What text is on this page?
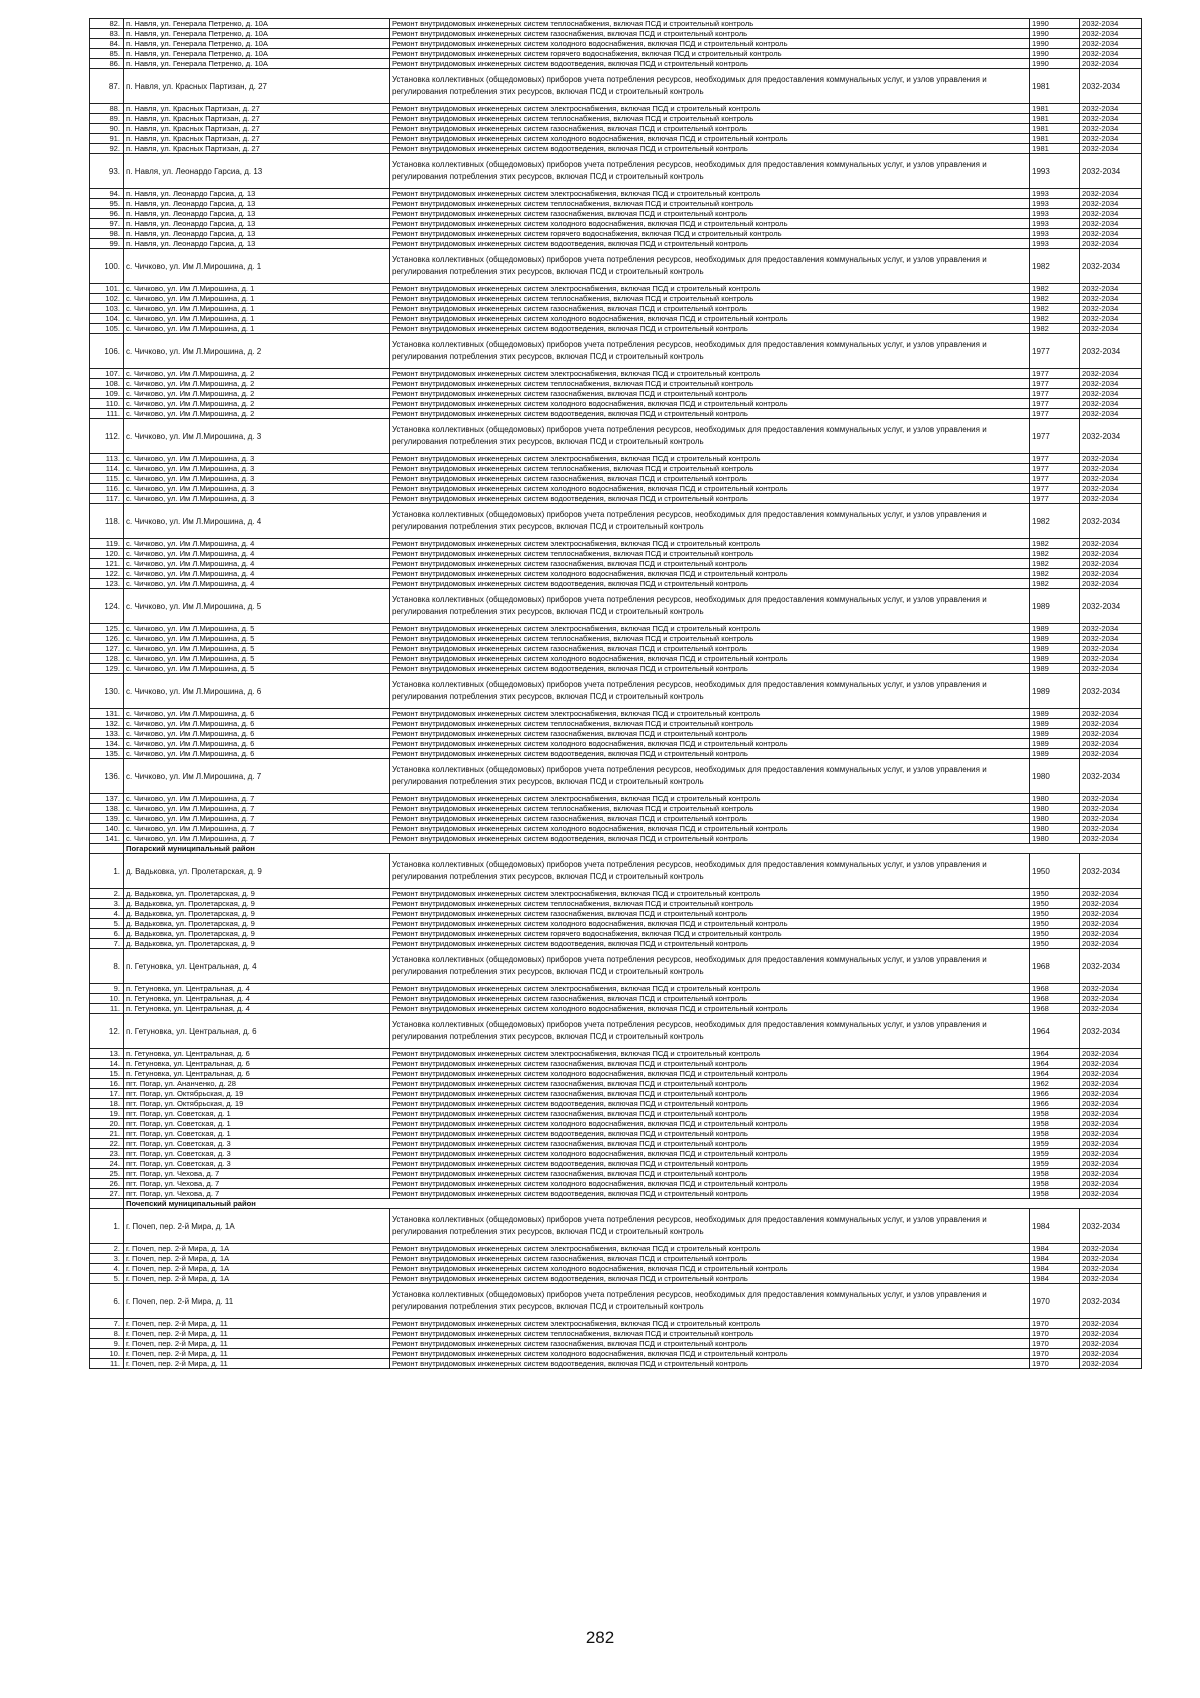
82.	п. Навля, ул. Генерала Петренко, д. 10А	Ремонт внутридомовых инженерных систем теплоснабжения, включая ПСД и строительный контроль	1990	2032-2034
83.	п. Навля, ул. Генерала Петренко, д. 10А	Ремонт внутридомовых инженерных систем газоснабжения, включая ПСД и строительный контроль	1990	2032-2034
84.	п. Навля, ул. Генерала Петренко, д. 10А	Ремонт внутридомовых инженерных систем холодного водоснабжения, включая ПСД и строительный контроль	1990	2032-2034
85.	п. Навля, ул. Генерала Петренко, д. 10А	Ремонт внутридомовых инженерных систем горячего водоснабжения, включая ПСД и строительный контроль	1990	2032-2034
86.	п. Навля, ул. Генерала Петренко, д. 10А	Ремонт внутридомовых инженерных систем водоотведения, включая ПСД и строительный контроль	1990	2032-2034
87.	п. Навля, ул. Красных Партизан, д. 27	Установка коллективных (общедомовых) приборов учета потребления ресурсов, необходимых для предоставления коммунальных услуг, и узлов управления и регулирования потребления этих ресурсов, включая ПСД и строительный контроль	1981	2032-2034
88.	п. Навля, ул. Красных Партизан, д. 27	Ремонт внутридомовых инженерных систем электроснабжения, включая ПСД и строительный контроль	1981	2032-2034
89.	п. Навля, ул. Красных Партизан, д. 27	Ремонт внутридомовых инженерных систем теплоснабжения, включая ПСД и строительный контроль	1981	2032-2034
90.	п. Навля, ул. Красных Партизан, д. 27	Ремонт внутридомовых инженерных систем газоснабжения, включая ПСД и строительный контроль	1981	2032-2034
91.	п. Навля, ул. Красных Партизан, д. 27	Ремонт внутридомовых инженерных систем холодного водоснабжения, включая ПСД и строительный контроль	1981	2032-2034
92.	п. Навля, ул. Красных Партизан, д. 27	Ремонт внутридомовых инженерных систем водоотведения, включая ПСД и строительный контроль	1981	2032-2034
93.	п. Навля, ул. Леонардо Гарсиа, д. 13	Установка коллективных (общедомовых) приборов учета потребления ресурсов, необходимых для предоставления коммунальных услуг, и узлов управления и регулирования потребления этих ресурсов, включая ПСД и строительный контроль	1993	2032-2034
94.	п. Навля, ул. Леонардо Гарсиа, д. 13	Ремонт внутридомовых инженерных систем электроснабжения, включая ПСД и строительный контроль	1993	2032-2034
95.	п. Навля, ул. Леонардо Гарсиа, д. 13	Ремонт внутридомовых инженерных систем теплоснабжения, включая ПСД и строительный контроль	1993	2032-2034
96.	п. Навля, ул. Леонардо Гарсиа, д. 13	Ремонт внутридомовых инженерных систем газоснабжения, включая ПСД и строительный контроль	1993	2032-2034
97.	п. Навля, ул. Леонардо Гарсиа, д. 13	Ремонт внутридомовых инженерных систем холодного водоснабжения, включая ПСД и строительный контроль	1993	2032-2034
98.	п. Навля, ул. Леонардо Гарсиа, д. 13	Ремонт внутридомовых инженерных систем горячего водоснабжения, включая ПСД и строительный контроль	1993	2032-2034
99.	п. Навля, ул. Леонардо Гарсиа, д. 13	Ремонт внутридомовых инженерных систем водоотведения, включая ПСД и строительный контроль	1993	2032-2034
100.	с. Чичково, ул. Им Л.Мирошина, д. 1	Установка коллективных (общедомовых) приборов учета потребления ресурсов, необходимых для предоставления коммунальных услуг, и узлов управления и регулирования потребления этих ресурсов, включая ПСД и строительный контроль	1982	2032-2034
101.	с. Чичково, ул. Им Л.Мирошина, д. 1	Ремонт внутридомовых инженерных систем электроснабжения, включая ПСД и строительный контроль	1982	2032-2034
102.	с. Чичково, ул. Им Л.Мирошина, д. 1	Ремонт внутридомовых инженерных систем теплоснабжения, включая ПСД и строительный контроль	1982	2032-2034
103.	с. Чичково, ул. Им Л.Мирошина, д. 1	Ремонт внутридомовых инженерных систем газоснабжения, включая ПСД и строительный контроль	1982	2032-2034
104.	с. Чичково, ул. Им Л.Мирошина, д. 1	Ремонт внутридомовых инженерных систем холодного водоснабжения, включая ПСД и строительный контроль	1982	2032-2034
105.	с. Чичково, ул. Им Л.Мирошина, д. 1	Ремонт внутридомовых инженерных систем водоотведения, включая ПСД и строительный контроль	1982	2032-2034
106.	с. Чичково, ул. Им Л.Мирошина, д. 2	Установка коллективных (общедомовых) приборов учета потребления ресурсов, необходимых для предоставления коммунальных услуг, и узлов управления и регулирования потребления этих ресурсов, включая ПСД и строительный контроль	1977	2032-2034
107.	с. Чичково, ул. Им Л.Мирошина, д. 2	Ремонт внутридомовых инженерных систем электроснабжения, включая ПСД и строительный контроль	1977	2032-2034
108.	с. Чичково, ул. Им Л.Мирошина, д. 2	Ремонт внутридомовых инженерных систем теплоснабжения, включая ПСД и строительный контроль	1977	2032-2034
109.	с. Чичково, ул. Им Л.Мирошина, д. 2	Ремонт внутридомовых инженерных систем газоснабжения, включая ПСД и строительный контроль	1977	2032-2034
110.	с. Чичково, ул. Им Л.Мирошина, д. 2	Ремонт внутридомовых инженерных систем холодного водоснабжения, включая ПСД и строительный контроль	1977	2032-2034
111.	с. Чичково, ул. Им Л.Мирошина, д. 2	Ремонт внутридомовых инженерных систем водоотведения, включая ПСД и строительный контроль	1977	2032-2034
112.	с. Чичково, ул. Им Л.Мирошина, д. 3	Установка коллективных (общедомовых) приборов учета потребления ресурсов, необходимых для предоставления коммунальных услуг, и узлов управления и регулирования потребления этих ресурсов, включая ПСД и строительный контроль	1977	2032-2034
113.	с. Чичково, ул. Им Л.Мирошина, д. 3	Ремонт внутридомовых инженерных систем электроснабжения, включая ПСД и строительный контроль	1977	2032-2034
114.	с. Чичково, ул. Им Л.Мирошина, д. 3	Ремонт внутридомовых инженерных систем теплоснабжения, включая ПСД и строительный контроль	1977	2032-2034
115.	с. Чичково, ул. Им Л.Мирошина, д. 3	Ремонт внутридомовых инженерных систем газоснабжения, включая ПСД и строительный контроль	1977	2032-2034
116.	с. Чичково, ул. Им Л.Мирошина, д. 3	Ремонт внутридомовых инженерных систем холодного водоснабжения, включая ПСД и строительный контроль	1977	2032-2034
117.	с. Чичково, ул. Им Л.Мирошина, д. 3	Ремонт внутридомовых инженерных систем водоотведения, включая ПСД и строительный контроль	1977	2032-2034
118.	с. Чичково, ул. Им Л.Мирошина, д. 4	Установка коллективных (общедомовых) приборов учета потребления ресурсов, необходимых для предоставления коммунальных услуг, и узлов управления и регулирования потребления этих ресурсов, включая ПСД и строительный контроль	1982	2032-2034
119.	с. Чичково, ул. Им Л.Мирошина, д. 4	Ремонт внутридомовых инженерных систем электроснабжения, включая ПСД и строительный контроль	1982	2032-2034
120.	с. Чичково, ул. Им Л.Мирошина, д. 4	Ремонт внутридомовых инженерных систем теплоснабжения, включая ПСД и строительный контроль	1982	2032-2034
121.	с. Чичково, ул. Им Л.Мирошина, д. 4	Ремонт внутридомовых инженерных систем газоснабжения, включая ПСД и строительный контроль	1982	2032-2034
122.	с. Чичково, ул. Им Л.Мирошина, д. 4	Ремонт внутридомовых инженерных систем холодного водоснабжения, включая ПСД и строительный контроль	1982	2032-2034
123.	с. Чичково, ул. Им Л.Мирошина, д. 4	Ремонт внутридомовых инженерных систем водоотведения, включая ПСД и строительный контроль	1982	2032-2034
124.	с. Чичково, ул. Им Л.Мирошина, д. 5	Установка коллективных (общедомовых) приборов учета потребления ресурсов, необходимых для предоставления коммунальных услуг, и узлов управления и регулирования потребления этих ресурсов, включая ПСД и строительный контроль	1989	2032-2034
125.	с. Чичково, ул. Им Л.Мирошина, д. 5	Ремонт внутридомовых инженерных систем электроснабжения, включая ПСД и строительный контроль	1989	2032-2034
126.	с. Чичково, ул. Им Л.Мирошина, д. 5	Ремонт внутридомовых инженерных систем теплоснабжения, включая ПСД и строительный контроль	1989	2032-2034
127.	с. Чичково, ул. Им Л.Мирошина, д. 5	Ремонт внутридомовых инженерных систем газоснабжения, включая ПСД и строительный контроль	1989	2032-2034
128.	с. Чичково, ул. Им Л.Мирошина, д. 5	Ремонт внутридомовых инженерных систем холодного водоснабжения, включая ПСД и строительный контроль	1989	2032-2034
129.	с. Чичково, ул. Им Л.Мирошина, д. 5	Ремонт внутридомовых инженерных систем водоотведения, включая ПСД и строительный контроль	1989	2032-2034
130.	с. Чичково, ул. Им Л.Мирошина, д. 6	Установка коллективных (общедомовых) приборов учета потребления ресурсов, необходимых для предоставления коммунальных услуг, и узлов управления и регулирования потребления этих ресурсов, включая ПСД и строительный контроль	1989	2032-2034
131.	с. Чичково, ул. Им Л.Мирошина, д. 6	Ремонт внутридомовых инженерных систем электроснабжения, включая ПСД и строительный контроль	1989	2032-2034
132.	с. Чичково, ул. Им Л.Мирошина, д. 6	Ремонт внутридомовых инженерных систем теплоснабжения, включая ПСД и строительный контроль	1989	2032-2034
133.	с. Чичково, ул. Им Л.Мирошина, д. 6	Ремонт внутридомовых инженерных систем газоснабжения, включая ПСД и строительный контроль	1989	2032-2034
134.	с. Чичково, ул. Им Л.Мирошина, д. 6	Ремонт внутридомовых инженерных систем холодного водоснабжения, включая ПСД и строительный контроль	1989	2032-2034
135.	с. Чичково, ул. Им Л.Мирошина, д. 6	Ремонт внутридомовых инженерных систем водоотведения, включая ПСД и строительный контроль	1989	2032-2034
136.	с. Чичково, ул. Им Л.Мирошина, д. 7	Установка коллективных (общедомовых) приборов учета потребления ресурсов, необходимых для предоставления коммунальных услуг, и узлов управления и регулирования потребления этих ресурсов, включая ПСД и строительный контроль	1980	2032-2034
137.	с. Чичково, ул. Им Л.Мирошина, д. 7	Ремонт внутридомовых инженерных систем электроснабжения, включая ПСД и строительный контроль	1980	2032-2034
138.	с. Чичково, ул. Им Л.Мирошина, д. 7	Ремонт внутридомовых инженерных систем теплоснабжения, включая ПСД и строительный контроль	1980	2032-2034
139.	с. Чичково, ул. Им Л.Мирошина, д. 7	Ремонт внутридомовых инженерных систем газоснабжения, включая ПСД и строительный контроль	1980	2032-2034
140.	с. Чичково, ул. Им Л.Мирошина, д. 7	Ремонт внутридомовых инженерных систем холодного водоснабжения, включая ПСД и строительный контроль	1980	2032-2034
141.	с. Чичково, ул. Им Л.Мирошина, д. 7	Ремонт внутридомовых инженерных систем водоотведения, включая ПСД и строительный контроль	1980	2032-2034
	Погарский муниципальный район			
1.	д. Вадьковка, ул. Пролетарская, д. 9	Установка коллективных (общедомовых) приборов учета потребления ресурсов, необходимых для предоставления коммунальных услуг, и узлов управления и регулирования потребления этих ресурсов, включая ПСД и строительный контроль	1950	2032-2034
2.	д. Вадьковка, ул. Пролетарская, д. 9	Ремонт внутридомовых инженерных систем электроснабжения, включая ПСД и строительный контроль	1950	2032-2034
3.	д. Вадьковка, ул. Пролетарская, д. 9	Ремонт внутридомовых инженерных систем теплоснабжения, включая ПСД и строительный контроль	1950	2032-2034
4.	д. Вадьковка, ул. Пролетарская, д. 9	Ремонт внутридомовых инженерных систем газоснабжения, включая ПСД и строительный контроль	1950	2032-2034
5.	д. Вадьковка, ул. Пролетарская, д. 9	Ремонт внутридомовых инженерных систем холодного водоснабжения, включая ПСД и строительный контроль	1950	2032-2034
6.	д. Вадьковка, ул. Пролетарская, д. 9	Ремонт внутридомовых инженерных систем горячего водоснабжения, включая ПСД и строительный контроль	1950	2032-2034
7.	д. Вадьковка, ул. Пролетарская, д. 9	Ремонт внутридомовых инженерных систем водоотведения, включая ПСД и строительный контроль	1950	2032-2034
8.	п. Гетуновка, ул. Центральная, д. 4	Установка коллективных (общедомовых) приборов учета потребления ресурсов, необходимых для предоставления коммунальных услуг, и узлов управления и регулирования потребления этих ресурсов, включая ПСД и строительный контроль	1968	2032-2034
9.	п. Гетуновка, ул. Центральная, д. 4	Ремонт внутридомовых инженерных систем электроснабжения, включая ПСД и строительный контроль	1968	2032-2034
10.	п. Гетуновка, ул. Центральная, д. 4	Ремонт внутридомовых инженерных систем газоснабжения, включая ПСД и строительный контроль	1968	2032-2034
11.	п. Гетуновка, ул. Центральная, д. 4	Ремонт внутридомовых инженерных систем холодного водоснабжения, включая ПСД и строительный контроль	1968	2032-2034
12.	п. Гетуновка, ул. Центральная, д. 6	Установка коллективных (общедомовых) приборов учета потребления ресурсов, необходимых для предоставления коммунальных услуг, и узлов управления и регулирования потребления этих ресурсов, включая ПСД и строительный контроль	1964	2032-2034
13.	п. Гетуновка, ул. Центральная, д. 6	Ремонт внутридомовых инженерных систем электроснабжения, включая ПСД и строительный контроль	1964	2032-2034
14.	п. Гетуновка, ул. Центральная, д. 6	Ремонт внутридомовых инженерных систем газоснабжения, включая ПСД и строительный контроль	1964	2032-2034
15.	п. Гетуновка, ул. Центральная, д. 6	Ремонт внутридомовых инженерных систем холодного водоснабжения, включая ПСД и строительный контроль	1964	2032-2034
16.	пгт. Погар, ул. Ананченко, д. 28	Ремонт внутридомовых инженерных систем газоснабжения, включая ПСД и строительный контроль	1962	2032-2034
17.	пгт. Погар, ул. Октябрьская, д. 19	Ремонт внутридомовых инженерных систем газоснабжения, включая ПСД и строительный контроль	1966	2032-2034
18.	пгт. Погар, ул. Октябрьская, д. 19	Ремонт внутридомовых инженерных систем водоотведения, включая ПСД и строительный контроль	1966	2032-2034
19.	пгт. Погар, ул. Советская, д. 1	Ремонт внутридомовых инженерных систем газоснабжения, включая ПСД и строительный контроль	1958	2032-2034
20.	пгт. Погар, ул. Советская, д. 1	Ремонт внутридомовых инженерных систем холодного водоснабжения, включая ПСД и строительный контроль	1958	2032-2034
21.	пгт. Погар, ул. Советская, д. 1	Ремонт внутридомовых инженерных систем водоотведения, включая ПСД и строительный контроль	1958	2032-2034
22.	пгт. Погар, ул. Советская, д. 3	Ремонт внутридомовых инженерных систем газоснабжения, включая ПСД и строительный контроль	1959	2032-2034
23.	пгт. Погар, ул. Советская, д. 3	Ремонт внутридомовых инженерных систем холодного водоснабжения, включая ПСД и строительный контроль	1959	2032-2034
24.	пгт. Погар, ул. Советская, д. 3	Ремонт внутридомовых инженерных систем водоотведения, включая ПСД и строительный контроль	1959	2032-2034
25.	пгт. Погар, ул. Чехова, д. 7	Ремонт внутридомовых инженерных систем газоснабжения, включая ПСД и строительный контроль	1958	2032-2034
26.	пгт. Погар, ул. Чехова, д. 7	Ремонт внутридомовых инженерных систем холодного водоснабжения, включая ПСД и строительный контроль	1958	2032-2034
27.	пгт. Погар, ул. Чехова, д. 7	Ремонт внутридомовых инженерных систем водоотведения, включая ПСД и строительный контроль	1958	2032-2034
	Почепский муниципальный район			
1.	г. Почеп, пер. 2-й Мира, д. 1А	Установка коллективных (общедомовых) приборов учета потребления ресурсов, необходимых для предоставления коммунальных услуг, и узлов управления и регулирования потребления этих ресурсов, включая ПСД и строительный контроль	1984	2032-2034
2.	г. Почеп, пер. 2-й Мира, д. 1А	Ремонт внутридомовых инженерных систем электроснабжения, включая ПСД и строительный контроль	1984	2032-2034
3.	г. Почеп, пер. 2-й Мира, д. 1А	Ремонт внутридомовых инженерных систем газоснабжения, включая ПСД и строительный контроль	1984	2032-2034
4.	г. Почеп, пер. 2-й Мира, д. 1А	Ремонт внутридомовых инженерных систем холодного водоснабжения, включая ПСД и строительный контроль	1984	2032-2034
5.	г. Почеп, пер. 2-й Мира, д. 1А	Ремонт внутридомовых инженерных систем водоотведения, включая ПСД и строительный контроль	1984	2032-2034
6.	г. Почеп, пер. 2-й Мира, д. 11	Установка коллективных (общедомовых) приборов учета потребления ресурсов, необходимых для предоставления коммунальных услуг, и узлов управления и регулирования потребления этих ресурсов, включая ПСД и строительный контроль	1970	2032-2034
7.	г. Почеп, пер. 2-й Мира, д. 11	Ремонт внутридомовых инженерных систем электроснабжения, включая ПСД и строительный контроль	1970	2032-2034
8.	г. Почеп, пер. 2-й Мира, д. 11	Ремонт внутридомовых инженерных систем теплоснабжения, включая ПСД и строительный контроль	1970	2032-2034
9.	г. Почеп, пер. 2-й Мира, д. 11	Ремонт внутридомовых инженерных систем газоснабжения, включая ПСД и строительный контроль	1970	2032-2034
10.	г. Почеп, пер. 2-й Мира, д. 11	Ремонт внутридомовых инженерных систем холодного водоснабжения, включая ПСД и строительный контроль	1970	2032-2034
11.	г. Почеп, пер. 2-й Мира, д. 11	Ремонт внутридомовых инженерных систем водоотведения, включая ПСД и строительный контроль	1970	2032-2034
282
